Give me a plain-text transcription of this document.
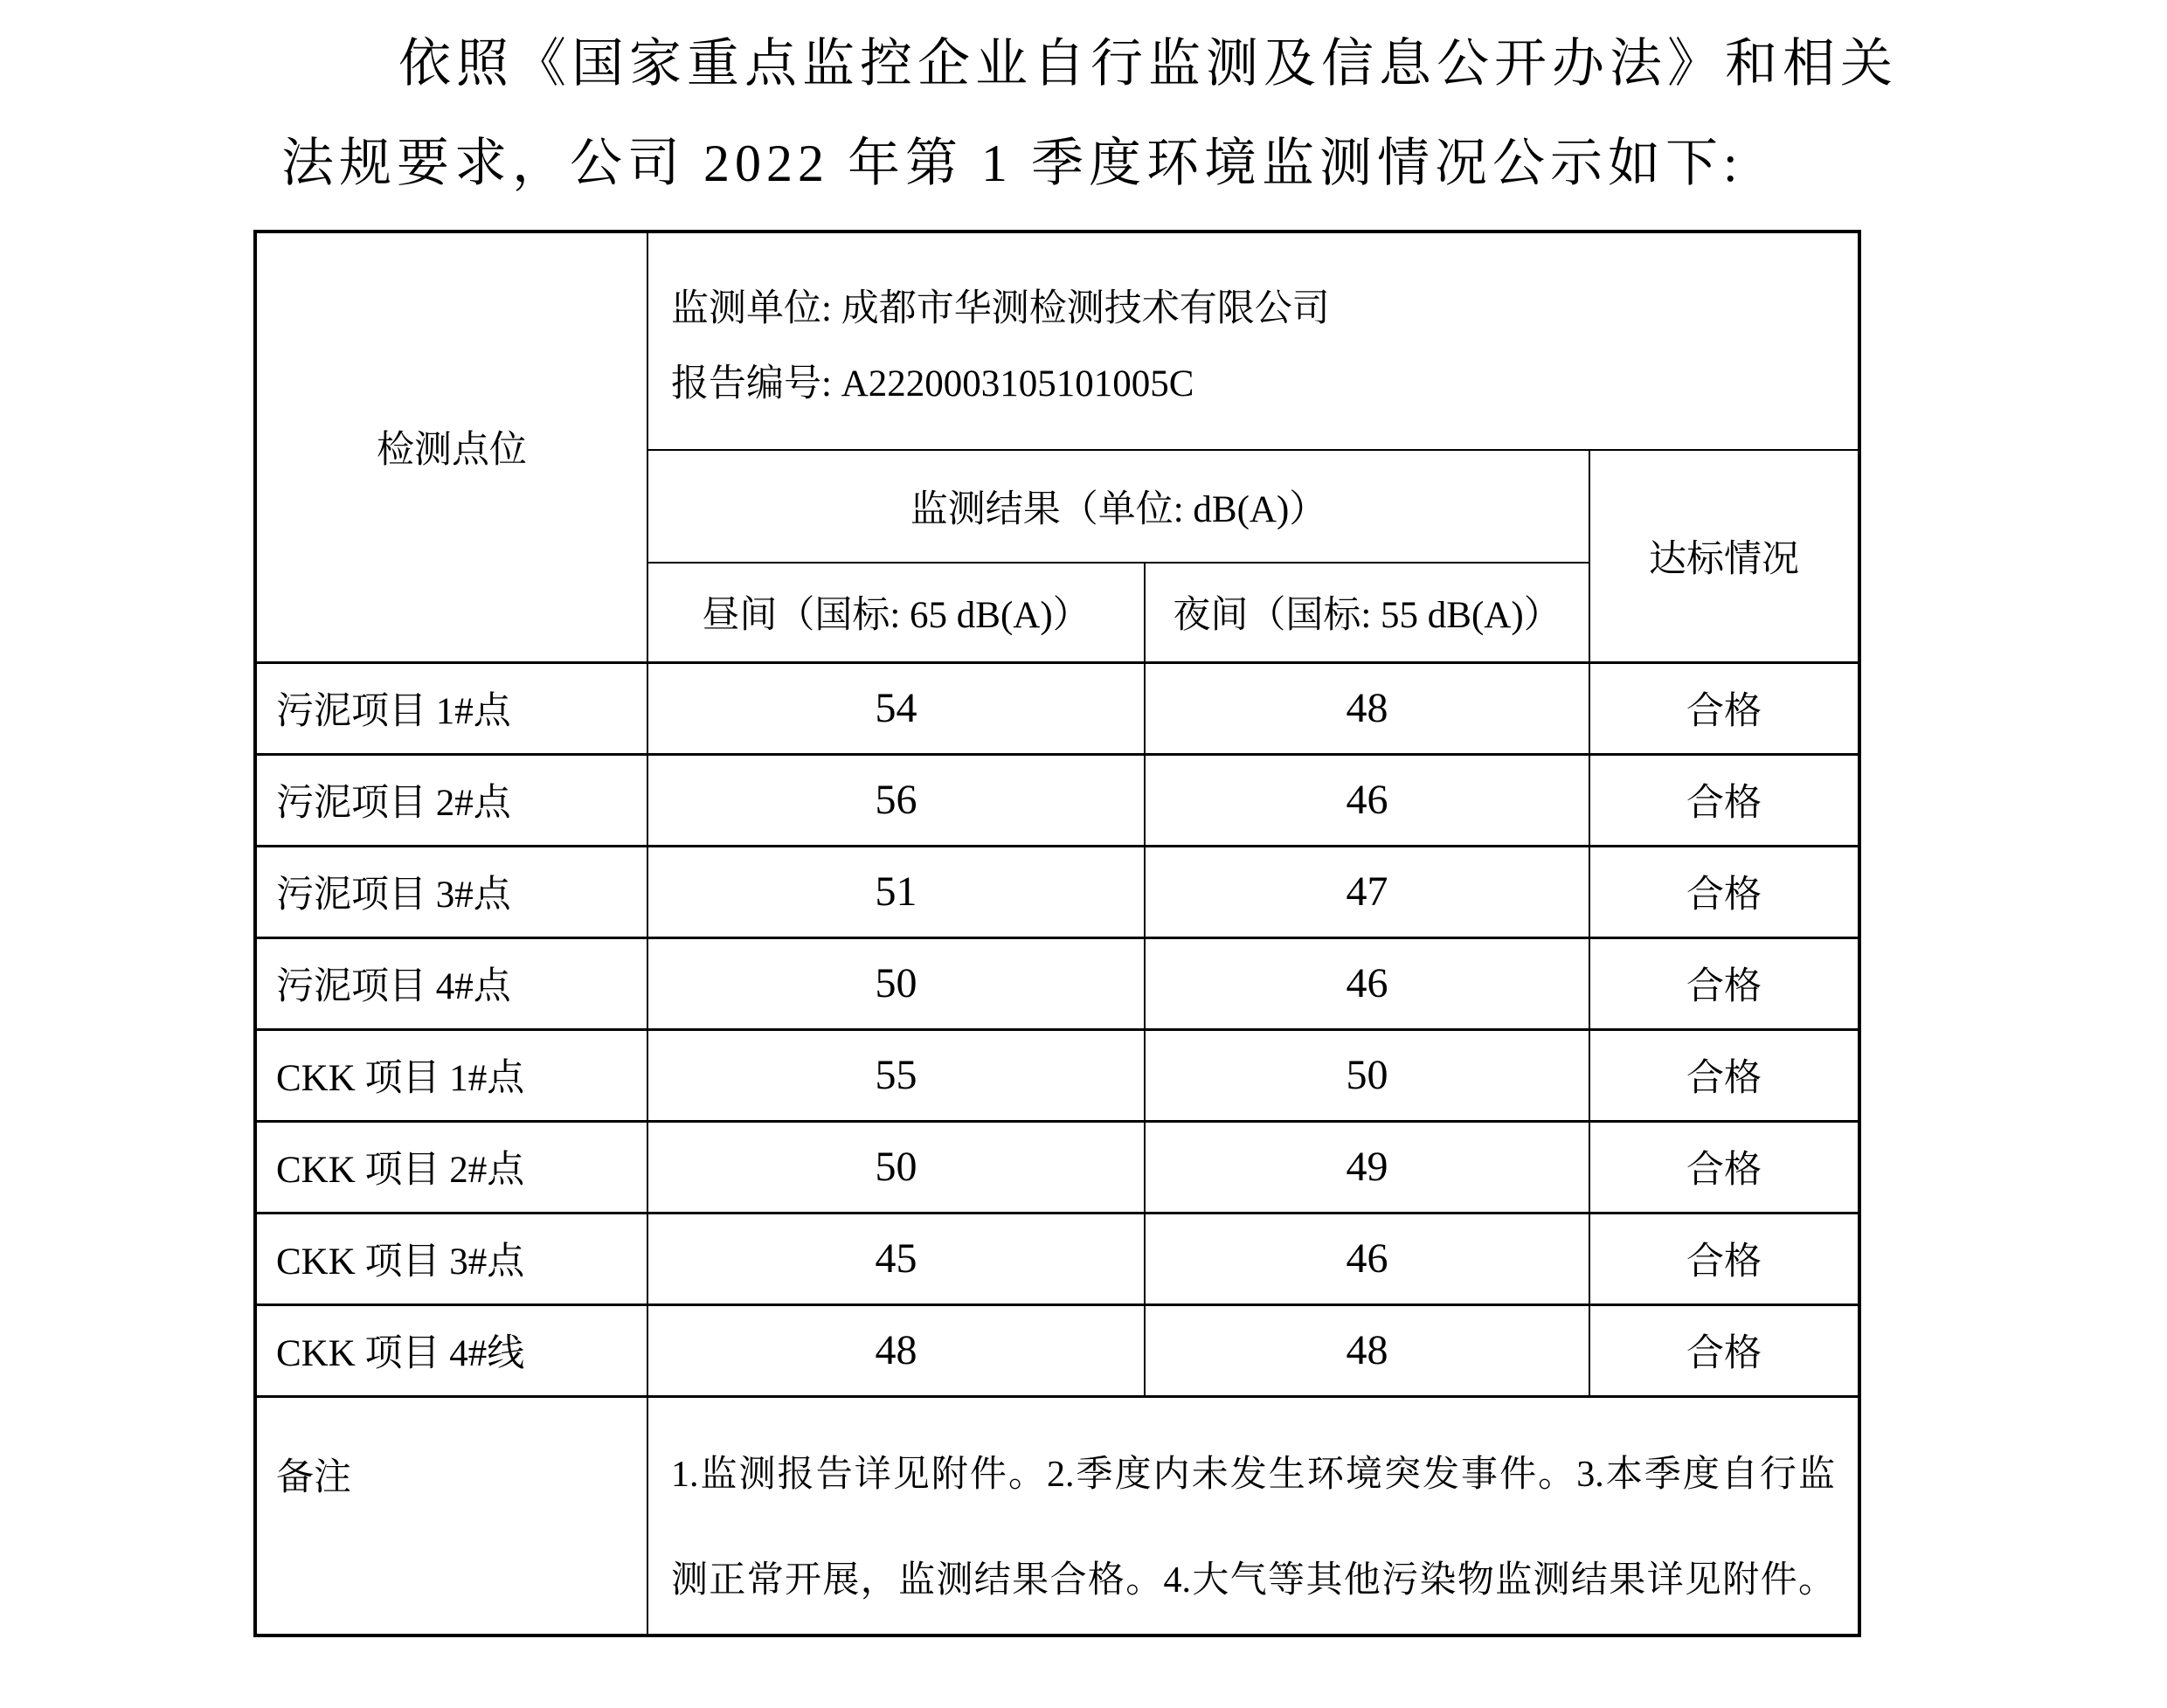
依照《国家重点监控企业自行监测及信息公开办法》和相关
法规要求，公司 2022 年第 1 季度环境监测情况公示如下:
检测点位	监测单位: 成都市华测检测技术有限公司
报告编号: A2220003105101005C		

	监测结果（单位: dB(A)）		达标情况
	昼间（国标: 65 dB(A)）	夜间（国标: 55 dB(A)）	
污泥项目 1#点	54	48	合格
污泥项目 2#点	56	46	合格
污泥项目 3#点	51	47	合格
污泥项目 4#点	50	46	合格
CKK 项目 1#点	55	50	合格
CKK 项目 2#点	50	49	合格
CKK 项目 3#点	45	46	合格
CKK 项目 4#线	48	48	合格
备注	1.监测报告详见附件。2.季度内未发生环境突发事件。3.本季度自行监
测正常开展，监测结果合格。4.大气等其他污染物监测结果详见附件。		
